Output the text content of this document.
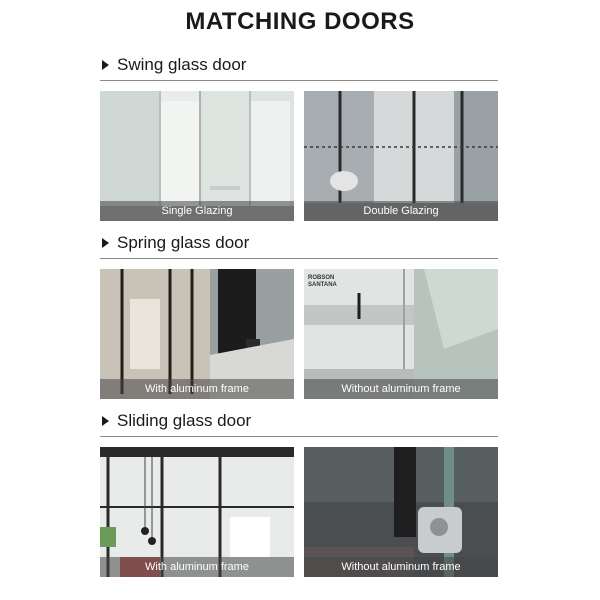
MATCHING DOORS
Swing glass door
Single Glazing	Double Glazing
Spring glass door
With aluminum frame
ROBSON SANTANA
Without aluminum frame
Sliding glass door
With aluminum frame	Without aluminum frame
